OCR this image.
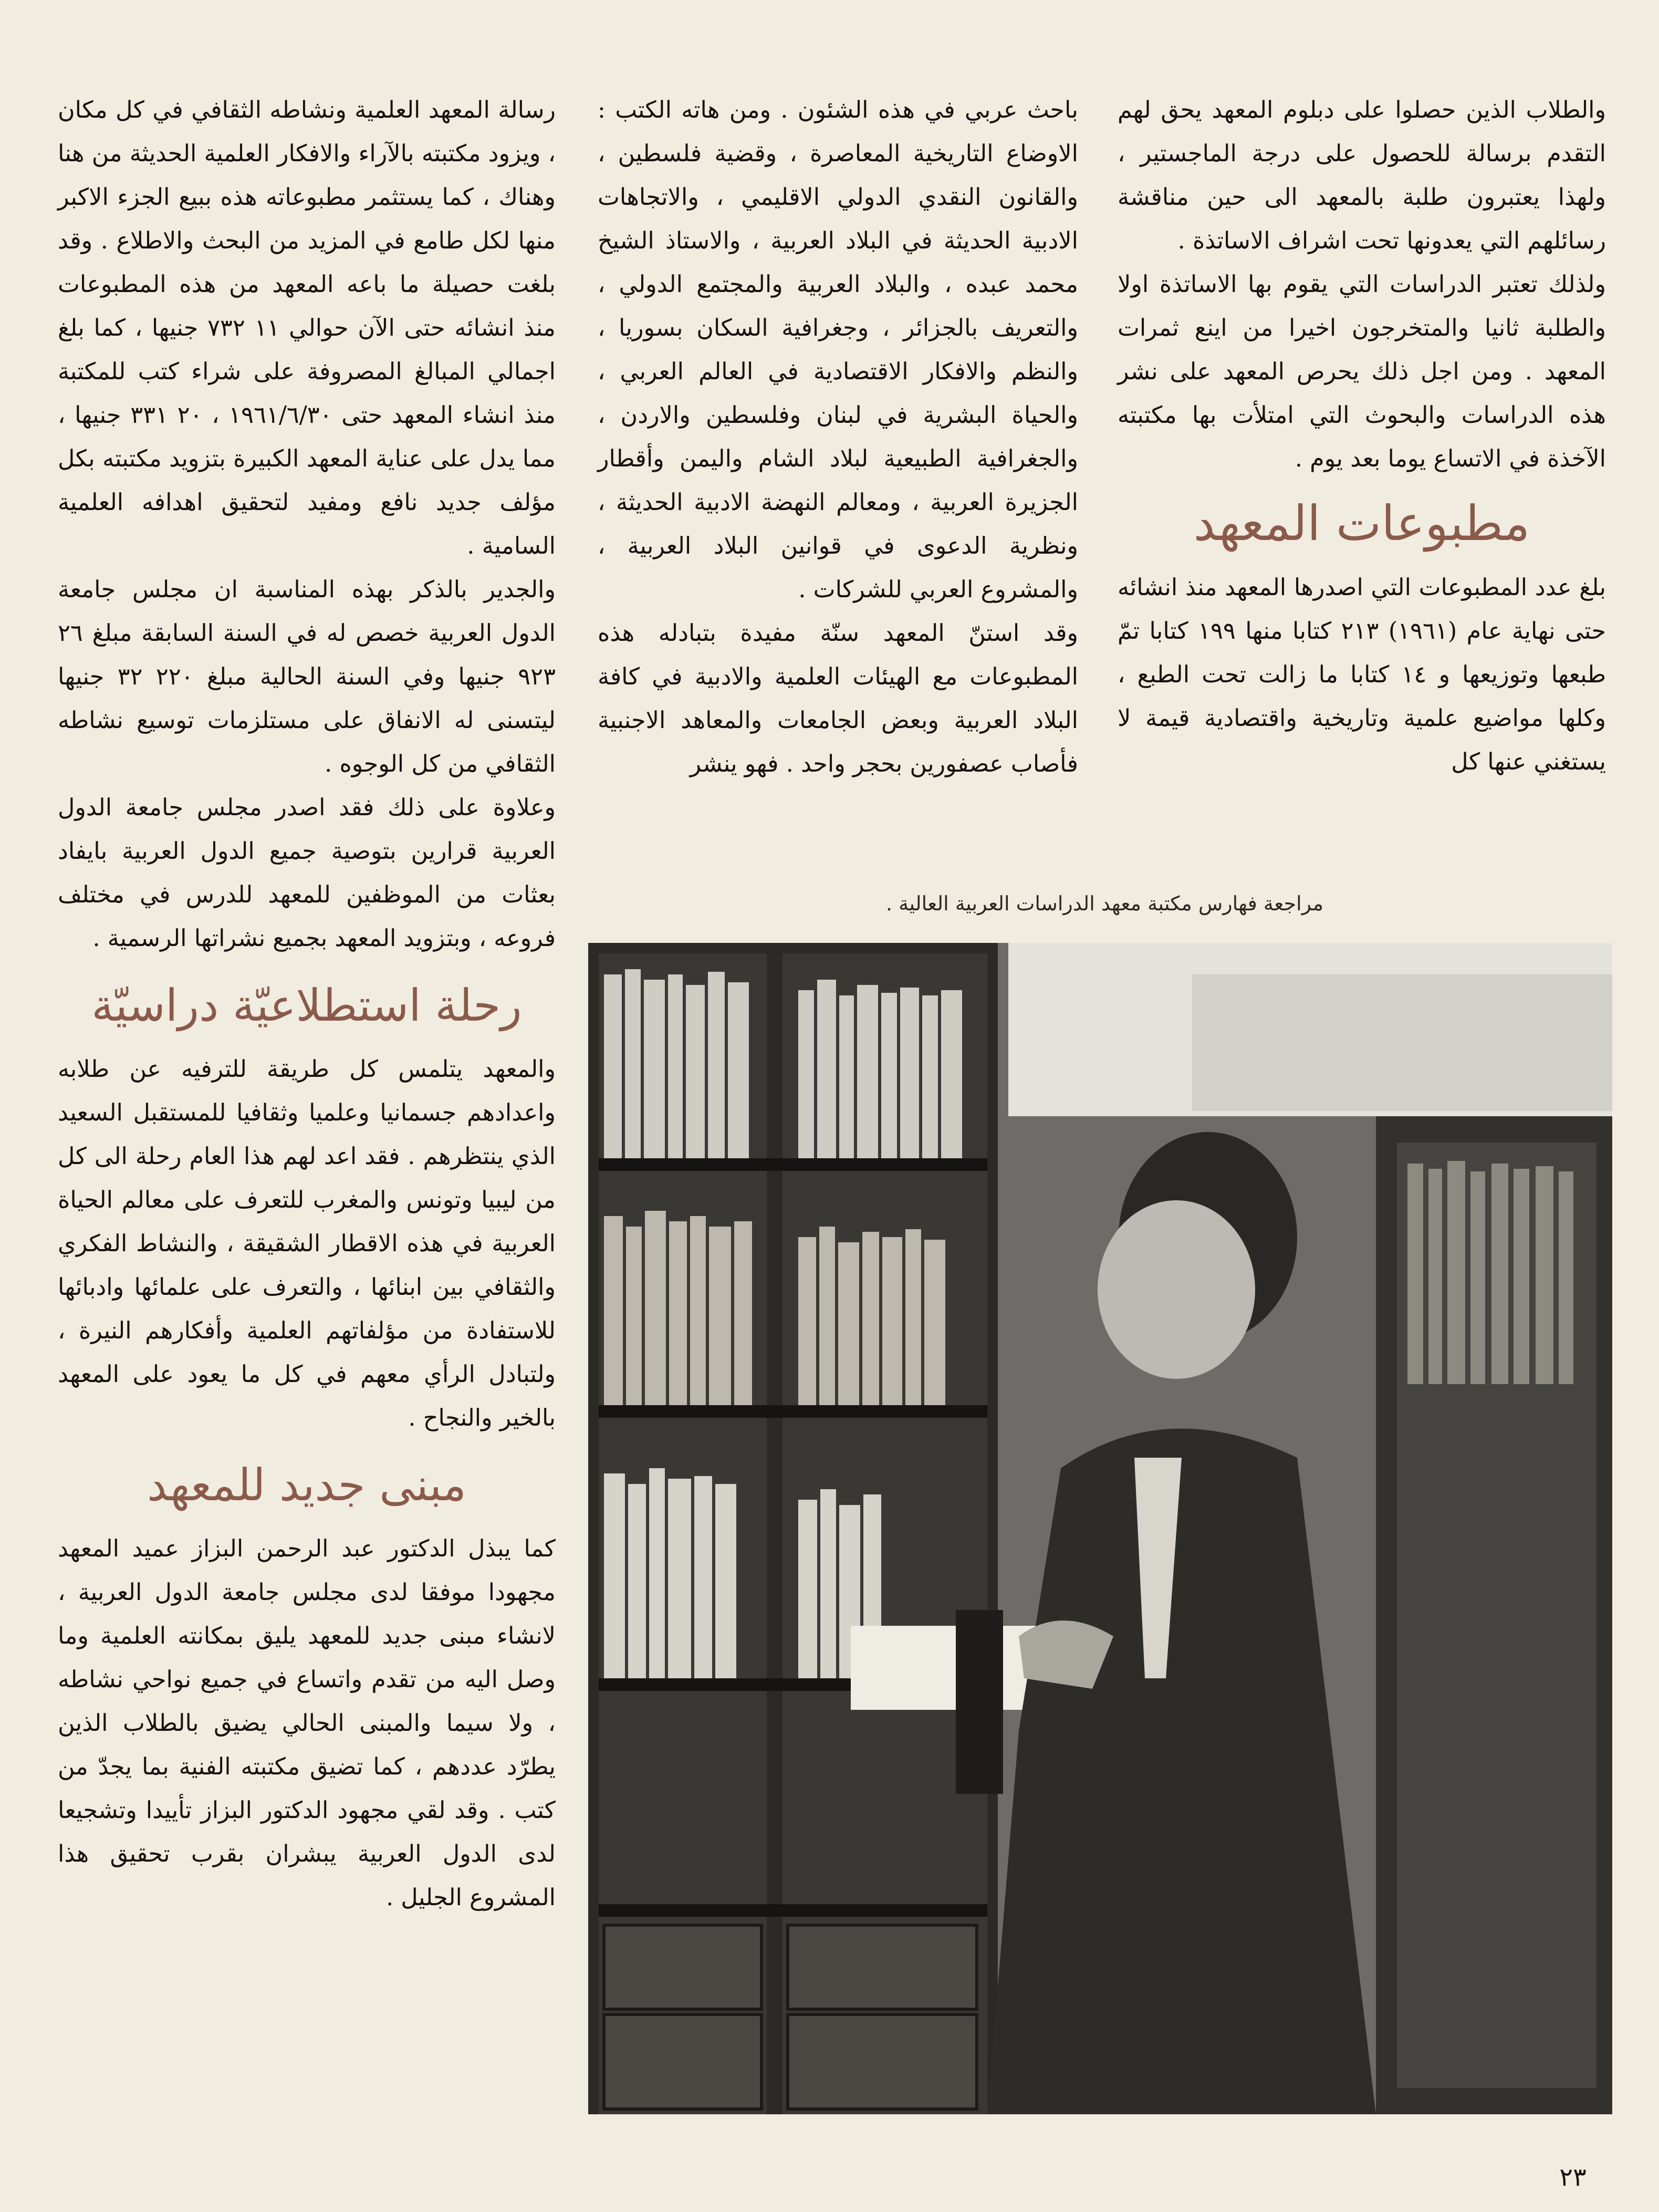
والطلاب الذين حصلوا على دبلوم المعهد يحق لهم التقدم برسالة للحصول على درجة الماجستير ، ولهذا يعتبرون طلبة بالمعهد الى حين مناقشة رسائلهم التي يعدونها تحت اشراف الاساتذة .

ولذلك تعتبر الدراسات التي يقوم بها الاساتذة اولا والطلبة ثانيا والمتخرجون اخيرا من اينع ثمرات المعهد . ومن اجل ذلك يحرص المعهد على نشر هذه الدراسات والبحوث التي امتلأت بها مكتبته الآخذة في الاتساع يوما بعد يوم .

مطبوعات المعهد

بلغ عدد المطبوعات التي اصدرها المعهد منذ انشائه حتى نهاية عام (١٩٦١) ٢١٣ كتابا منها ١٩٩ كتابا تمّ طبعها وتوزيعها و ١٤ كتابا ما زالت تحت الطبع ، وكلها مواضيع علمية وتاريخية واقتصادية قيمة لا يستغني عنها كل

باحث عربي في هذه الشئون . ومن هاته الكتب : الاوضاع التاريخية المعاصرة ، وقضية فلسطين ، والقانون النقدي الدولي الاقليمي ، والاتجاهات الادبية الحديثة في البلاد العربية ، والاستاذ الشيخ محمد عبده ، والبلاد العربية والمجتمع الدولي ، والتعريف بالجزائر ، وجغرافية السكان بسوريا ، والنظم والافكار الاقتصادية في العالم العربي ، والحياة البشرية في لبنان وفلسطين والاردن ، والجغرافية الطبيعية لبلاد الشام واليمن وأقطار الجزيرة العربية ، ومعالم النهضة الادبية الحديثة ، ونظرية الدعوى في قوانين البلاد العربية ، والمشروع العربي للشركات .

وقد استنّ المعهد سنّة مفيدة بتبادله هذه المطبوعات مع الهيئات العلمية والادبية في كافة البلاد العربية وبعض الجامعات والمعاهد الاجنبية فأصاب عصفورين بحجر واحد . فهو ينشر

رسالة المعهد العلمية ونشاطه الثقافي في كل مكان ، ويزود مكتبته بالآراء والافكار العلمية الحديثة من هنا وهناك ، كما يستثمر مطبوعاته هذه ببيع الجزء الاكبر منها لكل طامع في المزيد من البحث والاطلاع . وقد بلغت حصيلة ما باعه المعهد من هذه المطبوعات منذ انشائه حتى الآن حوالي ١١ ٧٣٢ جنيها ، كما بلغ اجمالي المبالغ المصروفة على شراء كتب للمكتبة منذ انشاء المعهد حتى ١٩٦١/٦/٣٠ ، ٢٠ ٣٣١ جنيها ، مما يدل على عناية المعهد الكبيرة بتزويد مكتبته بكل مؤلف جديد نافع ومفيد لتحقيق اهدافه العلمية السامية .

والجدير بالذكر بهذه المناسبة ان مجلس جامعة الدول العربية خصص له في السنة السابقة مبلغ ٢٦ ٩٢٣ جنيها وفي السنة الحالية مبلغ ٢٢٠ ٣٢ جنيها ليتسنى له الانفاق على مستلزمات توسيع نشاطه الثقافي من كل الوجوه .

وعلاوة على ذلك فقد اصدر مجلس جامعة الدول العربية قرارين بتوصية جميع الدول العربية بايفاد بعثات من الموظفين للمعهد للدرس في مختلف فروعه ، وبتزويد المعهد بجميع نشراتها الرسمية .

رحلة استطلاعيّة دراسيّة

والمعهد يتلمس كل طريقة للترفيه عن طلابه واعدادهم جسمانيا وعلميا وثقافيا للمستقبل السعيد الذي ينتظرهم . فقد اعد لهم هذا العام رحلة الى كل من ليبيا وتونس والمغرب للتعرف على معالم الحياة العربية في هذه الاقطار الشقيقة ، والنشاط الفكري والثقافي بين ابنائها ، والتعرف على علمائها وادبائها للاستفادة من مؤلفاتهم العلمية وأفكارهم النيرة ، ولتبادل الرأي معهم في كل ما يعود على المعهد بالخير والنجاح .

مبنى جديد للمعهد

كما يبذل الدكتور عبد الرحمن البزاز عميد المعهد مجهودا موفقا لدى مجلس جامعة الدول العربية ، لانشاء مبنى جديد للمعهد يليق بمكانته العلمية وما وصل اليه من تقدم واتساع في جميع نواحي نشاطه ، ولا سيما والمبنى الحالي يضيق بالطلاب الذين يطرّد عددهم ، كما تضيق مكتبته الفنية بما يجدّ من كتب . وقد لقي مجهود الدكتور البزاز تأييدا وتشجيعا لدى الدول العربية يبشران بقرب تحقيق هذا المشروع الجليل .

مراجعة فهارس مكتبة معهد الدراسات العربية العالية .
٢٣
